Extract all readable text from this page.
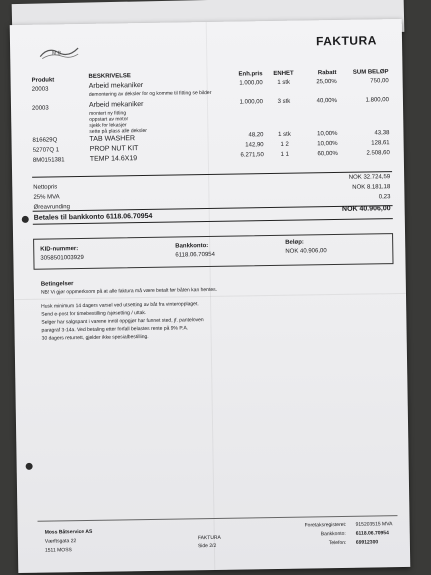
M.B
FAKTURA
Produkt
BESKRIVELSE	Enh.pris	ENHET	Rabatt	SUM BELØP
20003	Arbeid mekaniker	1.000,00	1 stk	25,00%	750,00
demontering av deksler for og komme til fitting se bilder
20003	Arbeid mekaniker	1.000,00	3 stk	40,00%	1.800,00
montert ny fitting
oppstart av motor
sjekk for lekasjer
sette på plass alle deksler
816629Q	TAB WASHER	48,20	1 stk	10,00%	43,38
52707Q 1	PROP NUT KIT	142,90	1 2	10,00%	128,61
8M0151381	TEMP 14.6X19	6.271,50	1 1	60,00%	2.508,60
Nettopris
NOK 32.724,59
25% MVA
NOK 8.181,18
Øreavrunding
0,23
Betales til bankkonto 6118.06.70954
NOK 40.906,00
KID-nummer:
3058501003929
Bankkonto:
6118.06.70954
Beløp:
NOK 40.906,00
Betingelser
NB! Vi gjør oppmerksom på at alle faktura må være betalt før båten kan hentes.
Husk minimum 14 dagers varsel ved utsetting av båt fra vinteropplaget.
Send e-post for timebestilling /sjøsetting / uttak.
Selger har salgspant i varene inntil oppgjør har funnet sted, jf. panteloven
paragraf 3-14a. Ved betaling etter forfall belastes rente på 9% P.A.
30 dagers returrett, gjelder ikke spesialbestilling.
Moss Båtservice AS
Værftsgata 22
1511 MOSS
FAKTURA
Side 2/2
Foretaksregisteret: 915203515 MVA
Bankkonto: 6118.06.70954
Telefon: 69912300
